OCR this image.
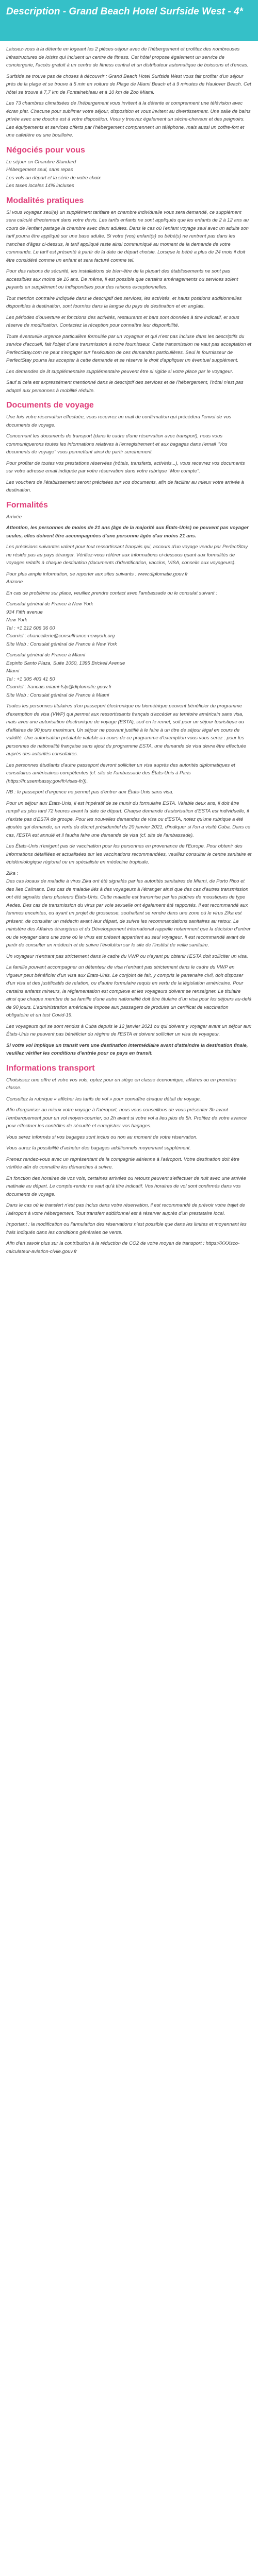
Description - Grand Beach Hotel Surfside West - 4*

Laissez-vous à la détente en logeant les 2 pièces-séjour avec de l'hébergement et profitez des nombreuses infrastructures de loisirs qui incluent un centre de fitness. Cet hôtel propose également un service de conciergerie, l'accès gratuit à un centre de fitness central et un distributeur automatique de boissons et d'encas.

Surfside se trouve pas de choses à découvrir : Grand Beach Hotel Surfside West vous fait profiter d'un séjour près de la plage et se trouve à 5 min en voiture de Plage de Miami Beach et à 9 minutes de Haulover Beach. Cet hôtel se trouve à 7,7 km de Fontainebleau et à 10 km de Zoo Miami.

Les 73 chambres climatisées de l'hébergement vous invitent à la détente et comprennent une télévision avec écran plat. Chacune pour sublimer votre séjour, disposition et vous invitent au divertissement. Une salle de bains privée avec une douche est à votre disposition. Vous y trouvez également un sèche-cheveux et des peignoirs. Les équipements et services offerts par l'hébergement comprennent un téléphone, mais aussi un coffre-fort et une cafetière ou une bouilloire.

Négociés pour vous

Le séjour en Chambre Standard
Hébergement seul, sans repas
Les vols au départ et la série de votre choix
Les taxes locales 14% incluses

Modalités pratiques

Si vous voyagez seul(e) un supplément tarifaire en chambre individuelle vous sera demandé, ce supplément sera calculé directement dans votre devis. Les tarifs enfants ne sont appliqués que les enfants de 2 à 12 ans au cours de l'enfant partage la chambre avec deux adultes. Dans le cas où l'enfant voyage seul avec un adulte son tarif pourra être appliqué sur une base adulte. Si votre (vos) enfant(s) ou bébé(s) ne rentrent pas dans les tranches d'âges ci-dessus, le tarif appliqué reste ainsi communiqué au moment de la demande de votre commande. Le tarif est présenté à partir de la date de départ choisie. Lorsque le bébé a plus de 24 mois il doit être considéré comme un enfant et sera facturé comme tel.

Pour des raisons de sécurité, les installations de bien-être de la plupart des établissements ne sont pas accessibles aux moins de 16 ans. De même, il est possible que certains aménagements ou services soient payants en supplément ou indisponibles pour des raisons exceptionnelles.

Tout mention contraire indiquée dans le descriptif des services, les activités, et hauts positions additionnelles disponibles à destination, sont fournies dans la langue du pays de destination et en anglais.

Les périodes d'ouverture et fonctions des activités, restaurants et bars sont données à titre indicatif, et sous réserve de modification. Contactez la réception pour connaître leur disponibilité.

Toute éventuelle urgence particulière formulée par un voyageur et qui n'est pas incluse dans les descriptifs du service d'accueil, fait l'objet d'une transmission à notre fournisseur. Cette transmission ne vaut pas acceptation et PerfectStay.com ne peut s'engager sur l'exécution de ces demandes particulières. Seul le fournisseur de PerfectStay pourra les accepter à cette demande et se réserve le droit d'appliquer un éventuel supplément.

Les demandes de lit supplémentaire supplémentaire peuvent être si rigide si votre place par le voyageur.

Sauf si cela est expressément mentionné dans le descriptif des services et de l'hébergement, l'hôtel n'est pas adapté aux personnes à mobilité réduite.

Documents de voyage

Une fois votre réservation effectuée, vous recevrez un mail de confirmation qui précédera l'envoi de vos documents de voyage.

Concernant les documents de transport (dans le cadre d'une réservation avec transport), nous vous communiquerons toutes les informations relatives à l'enregistrement et aux bagages dans l'email "Vos documents de voyage" vous permettant ainsi de partir sereinement.

Pour profiter de toutes vos prestations réservées (hôtels, transferts, activités...), vous recevrez vos documents sur votre adresse email indiquée par votre réservation dans votre rubrique "Mon compte".

Les vouchers de l'établissement seront précisées sur vos documents, afin de faciliter au mieux votre arrivée à destination.

Formalités

Arrivée

Attention, les personnes de moins de 21 ans (âge de la majorité aux États-Unis) ne peuvent pas voyager seules, elles doivent être accompagnées d'une personne âgée d'au moins 21 ans.

Les précisions suivantes valent pour tout ressortissant français qui, accours d'un voyage vendu par PerfectStay ne réside pas au pays étranger. Vérifiez-vous référer aux informations ci-dessous quant aux formalités de voyages relatifs à chaque destination (documents d'identification, vaccins, VISA, conseils aux voyageurs).

Pour plus ample information, se reporter aux sites suivants : www.diplomatie.gouv.fr
Arizone

En cas de problème sur place, veuillez prendre contact avec l'ambassade ou le consulat suivant :

Consulat général de France à New York
934 Fifth avenue
New York
Tel : +1 212 606 36 00
Courriel : chancellerie@consulfrance-newyork.org
Site Web : Consulat général de France à New York

Consulat général de France à Miami
Espirito Santo Plaza, Suite 1050, 1395 Brickell Avenue
Miami
Tel : +1 305 403 41 50
Courriel : francais.miami-fslp@diplomatie.gouv.fr
Site Web : Consulat général de France à Miami

Toutes les personnes titulaires d'un passeport électronique ou biométrique peuvent bénéficier du programme d'exemption de visa (VWP) qui permet aux ressortissants français d'accéder au territoire américain sans visa, mais avec une autorisation électronique de voyage (ESTA), sed en le remet, soit pour un séjour touristique ou d'affaires de 90 jours maximum. Un séjour ne pouvant justifié à le faire à un titre de séjour légal en cours de validité. Une autorisation préalable valable au cours de ce programme d'exemption vous vous serez : pour les personnes de nationalité française sans ajout du programme ESTA, une demande de visa devra être effectuée auprès des autorités consulaires.

Les personnes étudiants d'autre passeport devront solliciter un visa auprès des autorités diplomatiques et consulaires américaines compétentes (cf. site de l'ambassade des États-Unis à Paris (https://fr.usembassy.gov/fr/visas-fr/)).

NB : le passeport d'urgence ne permet pas d'entrer aux États-Unis sans visa.

Pour un séjour aux États-Unis, il est impératif de se munir du formulaire ESTA. Valable deux ans, il doit être rempli au plus tard 72 heures avant la date de départ. Chaque demande d'autorisation d'ESTA est individuelle, il n'existe pas d'ESTA de groupe. Pour les nouvelles demandes de visa ou d'ESTA, notez qu'une rubrique a été ajoutée qui demande, en vertu du décret présidentiel du 20 janvier 2021, d'indiquer si l'on a visité Cuba. Dans ce cas, l'ESTA est annulé et il faudra faire une demande de visa (cf. site de l'ambassade).

Les États-Unis n'exigent pas de vaccination pour les personnes en provenance de l'Europe. Pour obtenir des informations détaillées et actualisées sur les vaccinations recommandées, veuillez consulter le centre sanitaire et épidémiologique régional ou un spécialiste en médecine tropicale.

Zika :
Des cas locaux de maladie à virus Zika ont été signalés par les autorités sanitaires de Miami, de Porto Rico et des îles Caïmans. Des cas de maladie liés à des voyageurs à l'étranger ainsi que des cas d'autres transmission ont été signalés dans plusieurs États-Unis. Cette maladie est transmise par les piqûres de moustiques de type Aedes. Des cas de transmission du virus par voie sexuelle ont également été rapportés. Il est recommandé aux femmes enceintes, ou ayant un projet de grossesse, souhaitant se rendre dans une zone où le virus Zika est présent, de consulter un médecin avant leur départ, de suivre les recommandations sanitaires au retour. Le ministère des Affaires étrangères et du Développement international rappelle notamment que la décision d'entrer ou de voyager dans une zone où le virus est présent appartient au seul voyageur. Il est recommandé avant de partir de consulter un médecin et de suivre l'évolution sur le site de l'institut de veille sanitaire.

Un voyageur n'entrant pas strictement dans le cadre du VWP ou n'ayant pu obtenir l'ESTA doit solliciter un visa.

La famille pouvant accompagner un détenteur de visa n'entrant pas strictement dans le cadre du VWP en vigueur peut bénéficier d'un visa aux États-Unis. Le conjoint de fait, y compris le partenaire civil, doit disposer d'un visa et des justificatifs de relation, ou d'autre formulaire requis en vertu de la législation américaine. Pour certains enfants mineurs, la réglementation est complexe et les voyageurs doivent se renseigner. Le titulaire ainsi que chaque membre de sa famille d'une autre nationalité doit être titulaire d'un visa pour les séjours au-delà de 90 jours. L'administration américaine impose aux passagers de produire un certificat de vaccination obligatoire et un test Covid-19.

Les voyageurs qui se sont rendus à Cuba depuis le 12 janvier 2021 ou qui doivent y voyager avant un séjour aux États-Unis ne peuvent pas bénéficier du régime de l'ESTA et doivent solliciter un visa de voyageur.

Si votre vol implique un transit vers une destination intermédiaire avant d'atteindre la destination finale, veuillez vérifier les conditions d'entrée pour ce pays en transit.

Informations transport

Choisissez une offre et votre vos vols, optez pour un siège en classe économique, affaires ou en première classe.

Consultez la rubrique « afficher les tarifs de vol » pour connaître chaque détail du voyage.

Afin d'organiser au mieux votre voyage à l'aéroport, nous vous conseillons de vous présenter 3h avant l'embarquement pour un vol moyen-courrier, ou 2h avant si votre vol a lieu plus de 5h. Profitez de votre avance pour effectuer les contrôles de sécurité et enregistrer vos bagages.

Vous serez informés si vos bagages sont inclus ou non au moment de votre réservation.

Vous aurez la possibilité d'acheter des bagages additionnels moyennant supplément.

Prenez rendez-vous avec un représentant de la compagnie aérienne à l'aéroport. Votre destination doit être vérifiée afin de connaître les démarches à suivre.

En fonction des horaires de vos vols, certaines arrivées ou retours peuvent s'effectuer de nuit avec une arrivée matinale au départ. Le compte-rendu ne vaut qu'à titre indicatif. Vos horaires de vol sont confirmés dans vos documents de voyage.

Dans le cas où le transfert n'est pas inclus dans votre réservation, il est recommandé de prévoir votre trajet de l'aéroport à votre hébergement. Tout transfert additionnel est à réserver auprès d'un prestataire local.

Important : la modification ou l'annulation des réservations n'est possible que dans les limites et moyennant les frais indiqués dans les conditions générales de vente.

Afin d'en savoir plus sur la contribution à la réduction de CO2 de votre moyen de transport : https://XXXsco-calculateur-aviation-civile.gouv.fr
